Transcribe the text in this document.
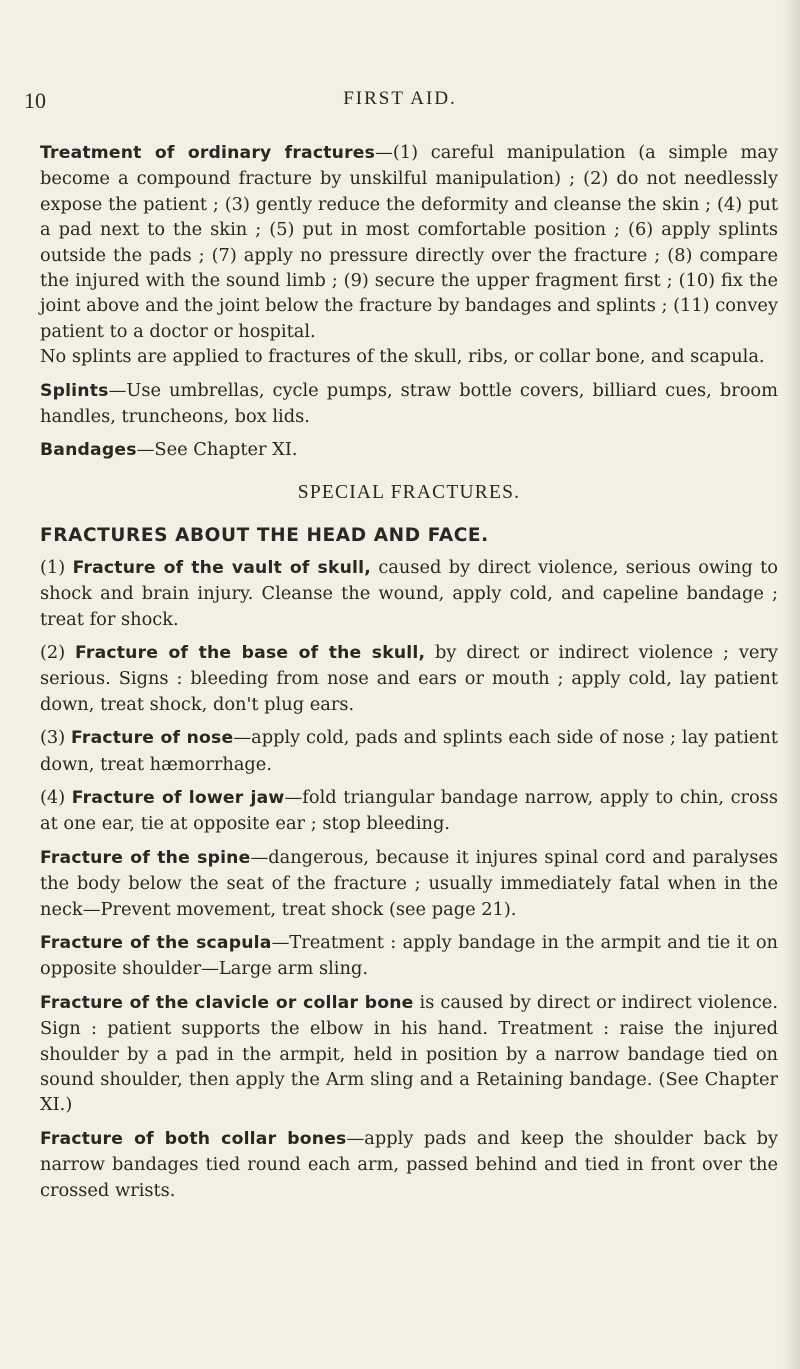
10	FIRST AID.

Treatment of ordinary fractures—(1) careful manipulation (a simple may become a compound fracture by unskilful manipulation) ; (2) do not needlessly expose the patient ; (3) gently reduce the deformity and cleanse the skin ; (4) put a pad next to the skin ; (5) put in most comfortable position ; (6) apply splints outside the pads ; (7) apply no pressure directly over the fracture ; (8) compare the injured with the sound limb ; (9) secure the upper fragment first ; (10) fix the joint above and the joint below the fracture by bandages and splints ; (11) convey patient to a doctor or hospital.

No splints are applied to fractures of the skull, ribs, or collar bone, and scapula.

Splints—Use umbrellas, cycle pumps, straw bottle covers, billiard cues, broom handles, truncheons, box lids.

Bandages—See Chapter XI.

SPECIAL FRACTURES.
FRACTURES ABOUT THE HEAD AND FACE.

(1) Fracture of the vault of skull, caused by direct violence, serious owing to shock and brain injury. Cleanse the wound, apply cold, and capeline bandage ; treat for shock.

(2) Fracture of the base of the skull, by direct or indirect violence ; very serious. Signs : bleeding from nose and ears or mouth ; apply cold, lay patient down, treat shock, don't plug ears.

(3) Fracture of nose—apply cold, pads and splints each side of nose ; lay patient down, treat hæmorrhage.

(4) Fracture of lower jaw—fold triangular bandage narrow, apply to chin, cross at one ear, tie at opposite ear ; stop bleeding.

Fracture of the spine—dangerous, because it injures spinal cord and paralyses the body below the seat of the fracture ; usually immediately fatal when in the neck—Prevent movement, treat shock (see page 21).

Fracture of the scapula—Treatment : apply bandage in the armpit and tie it on opposite shoulder—Large arm sling.

Fracture of the clavicle or collar bone is caused by direct or indirect violence. Sign : patient supports the elbow in his hand. Treatment : raise the injured shoulder by a pad in the armpit, held in position by a narrow bandage tied on sound shoulder, then apply the Arm sling and a Retaining bandage. (See Chapter XI.)

Fracture of both collar bones—apply pads and keep the shoulder back by narrow bandages tied round each arm, passed behind and tied in front over the crossed wrists.
